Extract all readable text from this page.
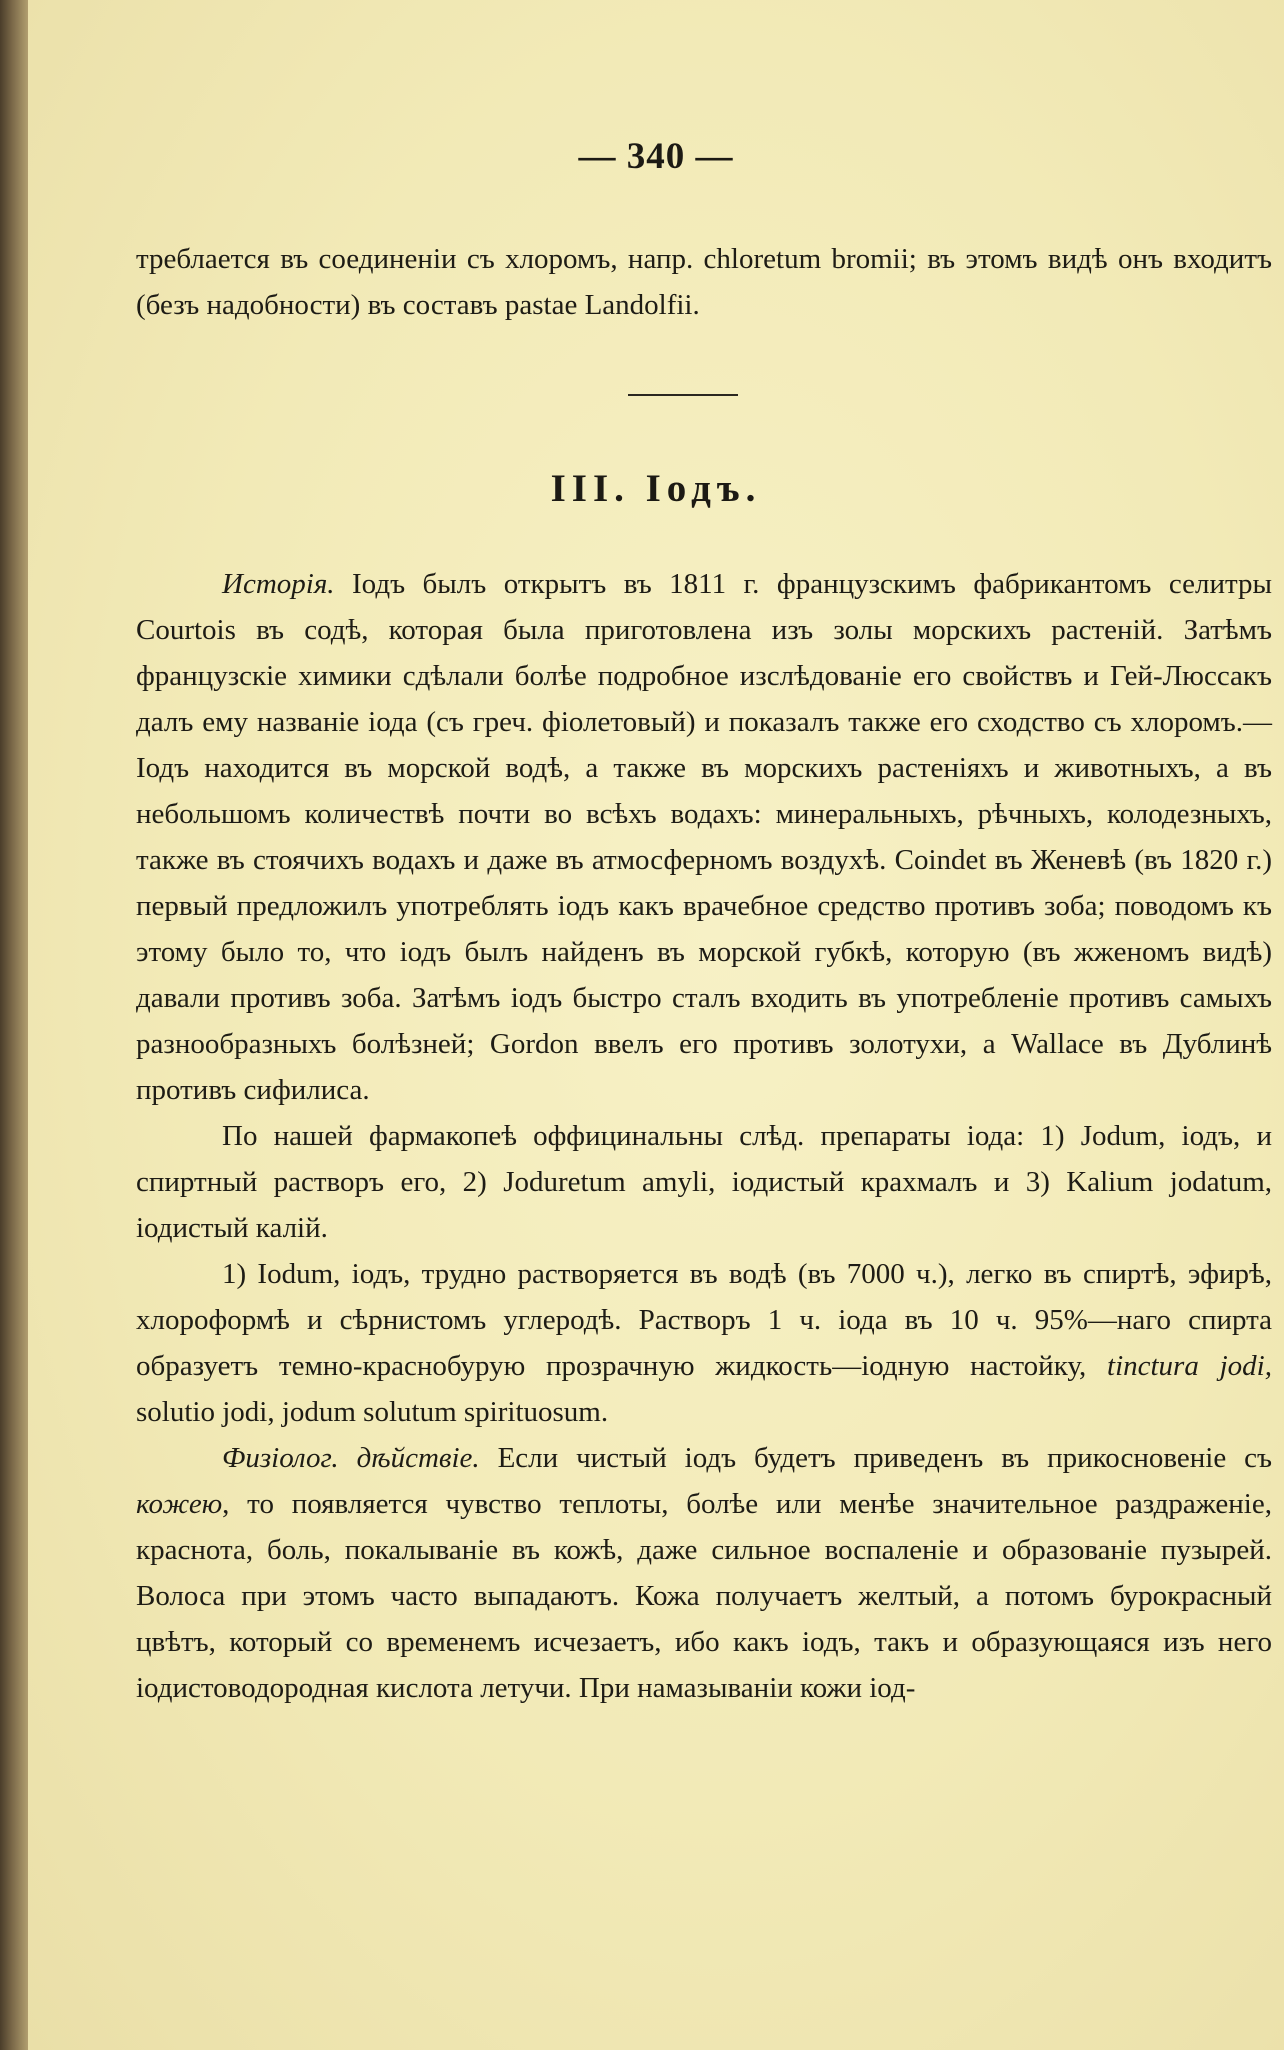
— 340 —

треблается въ соединенiи съ хлоромъ, напр. chloretum bromii; въ этомъ видѣ онъ входитъ (безъ надобности) въ составъ pastae Landolfii.

III. Іодъ.

Исторія. Іодъ былъ открытъ въ 1811 г. французскимъ фабрикантомъ селитры Courtois въ содѣ, которая была приготовлена изъ золы морскихъ растеній. Затѣмъ французскіе химики сдѣлали болѣе подробное изслѣдованіе его свойствъ и Гей-Люссакъ далъ ему названіе іода (съ греч. фіолетовый) и показалъ также его сходство съ хлоромъ.—Іодъ находится въ морской водѣ, а также въ морскихъ растеніяхъ и животныхъ, а въ небольшомъ количествѣ почти во всѣхъ водахъ: минеральныхъ, рѣчныхъ, колодезныхъ, также въ стоячихъ водахъ и даже въ атмосферномъ воздухѣ. Coindet въ Женевѣ (въ 1820 г.) первый предложилъ употреблять іодъ какъ врачебное средство противъ зоба; поводомъ къ этому было то, что іодъ былъ найденъ въ морской губкѣ, которую (въ жженомъ видѣ) давали противъ зоба. Затѣмъ іодъ быстро сталъ входить въ употребленіе противъ самыхъ разнообразныхъ болѣзней; Gordon ввелъ его противъ золотухи, а Wallace въ Дублинѣ противъ сифилиса.

По нашей фармакопеѣ оффицинальны слѣд. препараты іода: 1) Jodum, іодъ, и спиртный растворъ его, 2) Joduretum amyli, іодистый крахмалъ и 3) Kalium jodatum, іодистый калій.

1) Iodum, іодъ, трудно растворяется въ водѣ (въ 7000 ч.), легко въ спиртѣ, эфирѣ, хлороформѣ и сѣрнистомъ углеродѣ. Растворъ 1 ч. іода въ 10 ч. 95%—наго спирта образуетъ темно-краснобурую прозрачную жидкость—іодную настойку, tinctura jodi, solutio jodi, jodum solutum spirituosum.

Физіолог. дѣйствіе. Если чистый іодъ будетъ приведенъ въ прикосновеніе съ кожею, то появляется чувство теплоты, болѣе или менѣе значительное раздраженіе, краснота, боль, покалываніе въ кожѣ, даже сильное воспаленіе и образованіе пузырей. Волоса при этомъ часто выпадаютъ. Кожа получаетъ желтый, а потомъ бурокрасный цвѣтъ, который со временемъ исчезаетъ, ибо какъ іодъ, такъ и образующаяся изъ него іодистоводородная кислота летучи. При намазываніи кожи іод-
